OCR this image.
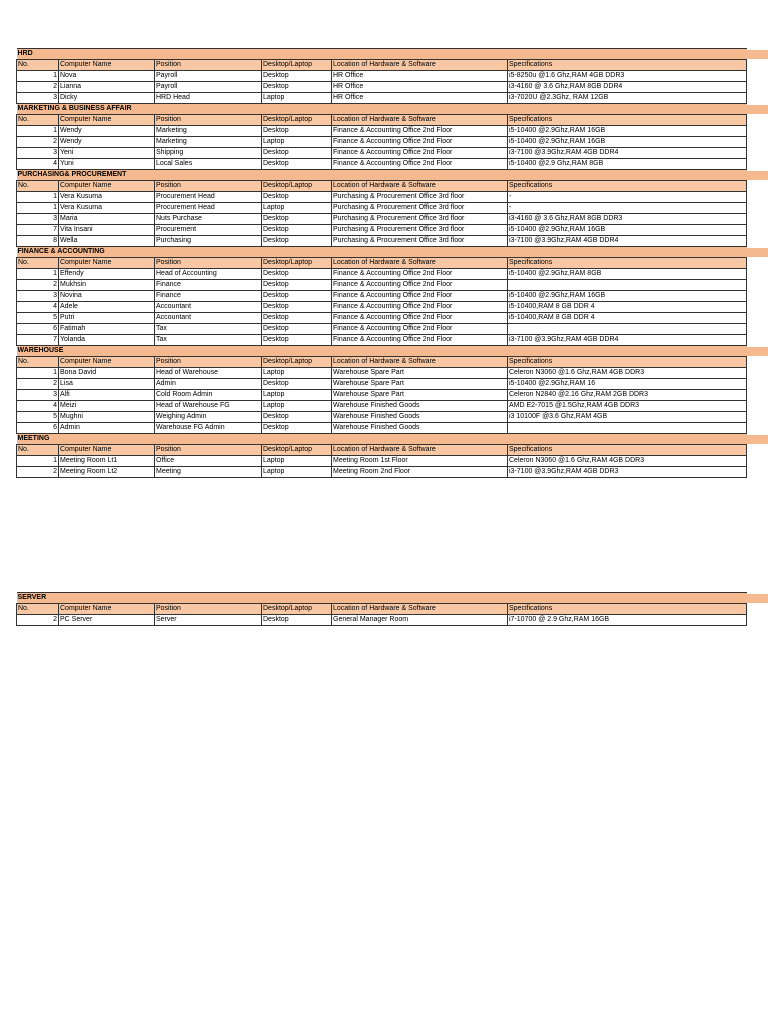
HRD					
No.	Computer Name	Position	Desktop/Laptop	Location of Hardware & Software	Specifications
1	Nova	Payroll	Desktop	HR Office	i5-8250u @1.6 Ghz,RAM 4GB DDR3
2	Lianna	Payroll	Desktop	HR Office	i3-4160 @ 3.6 Ghz,RAM 8GB DDR4
3	Dicky	HRD Head	Laptop	HR Office	i3-7020U @2.3Ghz, RAM 12GB
MARKETING & BUSINESS AFFAIR					
No.	Computer Name	Position	Desktop/Laptop	Location of Hardware & Software	Specifications
1	Wendy	Marketing	Desktop	Finance & Accounting Office 2nd Floor	i5-10400 @2.9Ghz,RAM 16GB
2	Wendy	Marketing	Laptop	Finance & Accounting Office 2nd Floor	i5-10400 @2.9Ghz,RAM 16GB
3	Yeni	Shipping	Desktop	Finance & Accounting Office 2nd Floor	i3-7100 @3.9Ghz,RAM 4GB DDR4
4	Yuni	Local Sales	Desktop	Finance & Accounting Office 2nd Floor	i5-10400 @2.9 Ghz,RAM 8GB
PURCHASING& PROCUREMENT					
No.	Computer Name	Position	Desktop/Laptop	Location of Hardware & Software	Specifications
1	Vera Kusuma	Procurement Head	Desktop	Purchasing & Procurement Office 3rd floor	-
1	Vera Kusuma	Procurement Head	Laptop	Purchasing & Procurement Office 3rd floor	-
3	Maria	Nuts Purchase	Desktop	Purchasing & Procurement Office 3rd floor	i3-4160 @ 3.6 Ghz,RAM 8GB DDR3
7	Vita Insani	Procurement	Desktop	Purchasing & Procurement Office 3rd floor	i5-10400 @2.9Ghz,RAM 16GB
8	Wella	Purchasing	Desktop	Purchasing & Procurement Office 3rd floor	i3-7100 @3.9Ghz,RAM 4GB DDR4
FINANCE & ACCOUNTING					
No.	Computer Name	Position	Desktop/Laptop	Location of Hardware & Software	Specifications
1	Effendy	Head of Accounting	Desktop	Finance & Accounting Office 2nd Floor	i5-10400 @2.9Ghz,RAM 8GB
2	Mukhsin	Finance	Desktop	Finance & Accounting Office 2nd Floor	
3	Novina	Finance	Desktop	Finance & Accounting Office 2nd Floor	i5-10400 @2.9Ghz,RAM 16GB
4	Adele	Accountant	Desktop	Finance & Accounting Office 2nd Floor	i5-10400,RAM 8 GB DDR 4
5	Putri	Accountant	Desktop	Finance & Accounting Office 2nd Floor	i5-10400,RAM 8 GB DDR 4
6	Fatimah	Tax	Desktop	Finance & Accounting Office 2nd Floor	
7	Yolanda	Tax	Desktop	Finance & Accounting Office 2nd Floor	i3-7100 @3.9Ghz,RAM 4GB DDR4
WAREHOUSE					
No.	Computer Name	Position	Desktop/Laptop	Location of Hardware & Software	Specifications
1	Bona David	Head of Warehouse	Laptop	Warehouse Spare Part	Celeron N3060 @1.6 Ghz,RAM 4GB DDR3
2	Lisa	Admin	Desktop	Warehouse Spare Part	i5-10400 @2.9Ghz,RAM 16
3	Alfi	Cold Room Admin	Laptop	Warehouse Spare Part	Celeron N2840 @2.16 Ghz,RAM 2GB DDR3
4	Meizi	Head of Warehouse FG	Laptop	Warehouse Finished Goods	AMD E2-7015 @1.5Ghz,RAM 4GB DDR3
5	Mughni	Weighing Admin	Desktop	Warehouse Finished Goods	i3 10100F @3.6 Ghz,RAM 4GB
6	Admin	Warehouse FG Admin	Desktop	Warehouse Finished Goods	
MEETING					
No.	Computer Name	Position	Desktop/Laptop	Location of Hardware & Software	Specifications
1	Meeting Room Lt1	Office	Laptop	Meeting Room 1st Floor	Celeron N3060 @1.6 Ghz,RAM 4GB DDR3
2	Meeting Room Lt2	Meeting	Laptop	Meeting Room 2nd Floor	i3-7100 @3.9Ghz,RAM 4GB DDR3
SERVER					
No.	Computer Name	Position	Desktop/Laptop	Location of Hardware & Software	Specifications
2	PC Server	Server	Desktop	General Manager Room	i7-10700 @ 2.9 Ghz,RAM 16GB
